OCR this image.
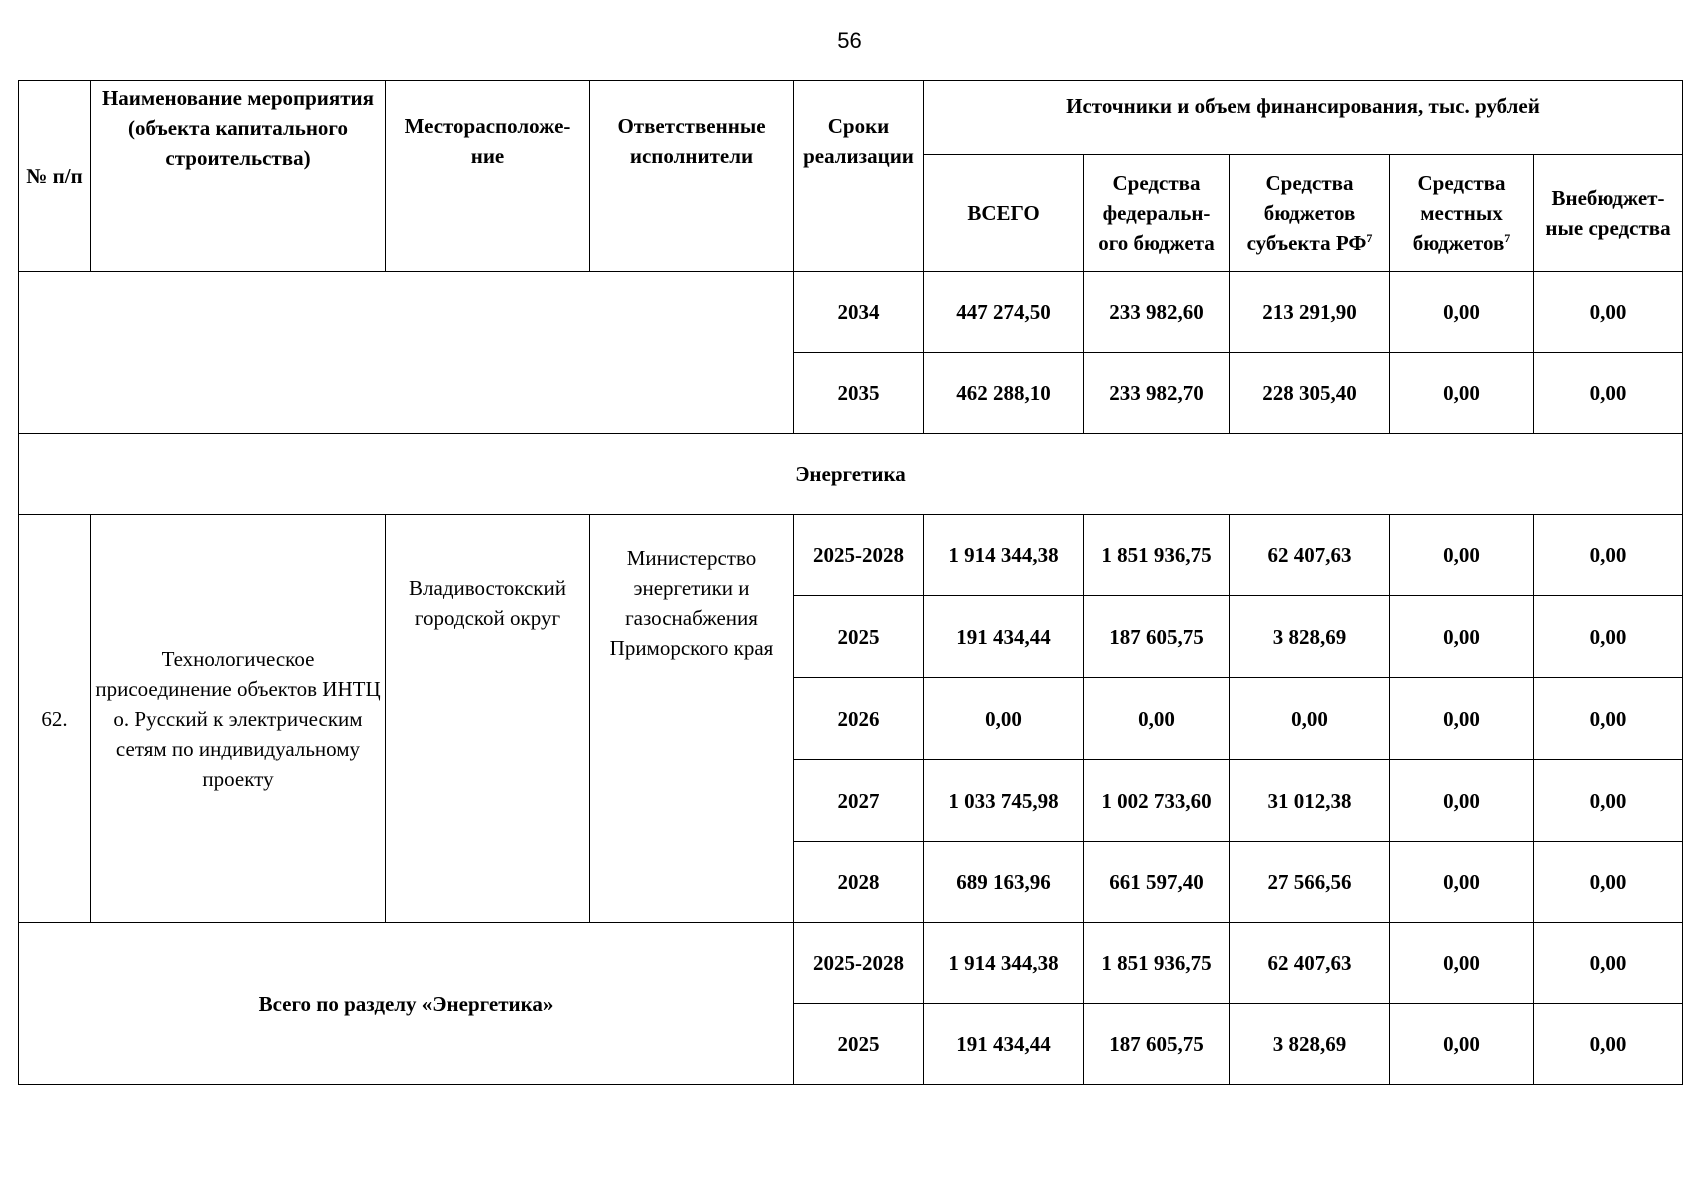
56
№ п/п	Наименование мероприятия (объекта капитального строительства)	Месторасположе-ние	Ответственные исполнители	Сроки реализации	Источники и объем финансирования, тыс. рублей				
					ВСЕГО	Средства федеральн-ого бюджета	Средства бюджетов субъекта $РФ^7$	Средства местных бюджетов$^7$	Внебюджет-ные средства
				2034	447 274,50	233 982,60	213 291,90	0,00	0,00
				2035	462 288,10	233 982,70	228 305,40	0,00	0,00
Энергетика									
62.	Технологическое присоединение объектов ИНТЦ о. Русский к электрическим сетям по индивидуальному проекту	Владивостокский городской округ	Министерство энергетики и газоснабжения Приморского края	2025-2028	1 914 344,38	1 851 936,75	62 407,63	0,00	0,00
				2025	191 434,44	187 605,75	3 828,69	0,00	0,00
				2026	0,00	0,00	0,00	0,00	0,00
				2027	1 033 745,98	1 002 733,60	31 012,38	0,00	0,00
				2028	689 163,96	661 597,40	27 566,56	0,00	0,00
Всего по разделу «Энергетика»				2025-2028	1 914 344,38	1 851 936,75	62 407,63	0,00	0,00
				2025	191 434,44	187 605,75	3 828,69	0,00	0,00
